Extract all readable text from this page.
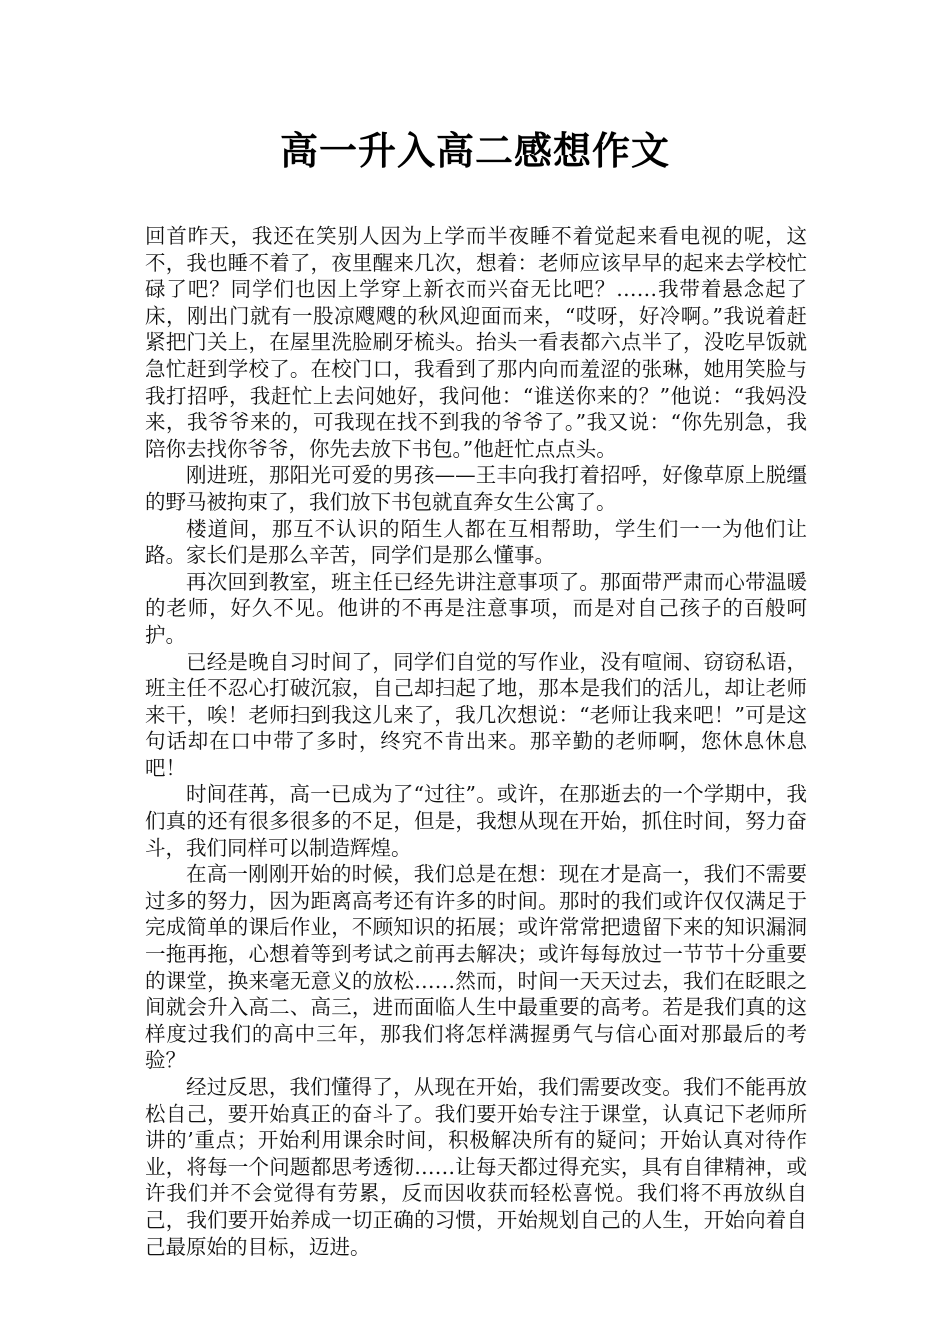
高一升入高二感想作文

回首昨天，我还在笑别人因为上学而半夜睡不着觉起来看电视的呢，这不，我也睡不着了，夜里醒来几次，想着：老师应该早早的起来去学校忙碌了吧？同学们也因上学穿上新衣而兴奋无比吧？……我带着悬念起了床，刚出门就有一股凉飕飕的秋风迎面而来，“哎呀，好冷啊。”我说着赶紧把门关上，在屋里洗脸刷牙梳头。抬头一看表都六点半了，没吃早饭就急忙赶到学校了。在校门口，我看到了那内向而羞涩的张琳，她用笑脸与我打招呼，我赶忙上去问她好，我问他：“谁送你来的？”他说：“我妈没来，我爷爷来的，可我现在找不到我的爷爷了。”我又说：“你先别急，我陪你去找你爷爷，你先去放下书包。”他赶忙点点头。

刚进班，那阳光可爱的男孩——王丰向我打着招呼，好像草原上脱缰的野马被拘束了，我们放下书包就直奔女生公寓了。

楼道间，那互不认识的陌生人都在互相帮助，学生们一一为他们让路。家长们是那么辛苦，同学们是那么懂事。

再次回到教室，班主任已经先讲注意事项了。那面带严肃而心带温暖的老师，好久不见。他讲的不再是注意事项，而是对自己孩子的百般呵护。

已经是晚自习时间了，同学们自觉的写作业，没有喧闹、窃窃私语，班主任不忍心打破沉寂，自己却扫起了地，那本是我们的活儿，却让老师来干，唉！老师扫到我这儿来了，我几次想说：“老师让我来吧！”可是这句话却在口中带了多时，终究不肯出来。那辛勤的老师啊，您休息休息吧！

时间荏苒，高一已成为了“过往”。或许，在那逝去的一个学期中，我们真的还有很多很多的不足，但是，我想从现在开始，抓住时间，努力奋斗，我们同样可以制造辉煌。

在高一刚刚开始的时候，我们总是在想：现在才是高一，我们不需要过多的努力，因为距离高考还有许多的时间。那时的我们或许仅仅满足于完成简单的课后作业，不顾知识的拓展；或许常常把遗留下来的知识漏洞一拖再拖，心想着等到考试之前再去解决；或许每每放过一节节十分重要的课堂，换来毫无意义的放松……然而，时间一天天过去，我们在眨眼之间就会升入高二、高三，进而面临人生中最重要的高考。若是我们真的这样度过我们的高中三年，那我们将怎样满握勇气与信心面对那最后的考验？

经过反思，我们懂得了，从现在开始，我们需要改变。我们不能再放松自己，要开始真正的奋斗了。我们要开始专注于课堂，认真记下老师所讲的’重点；开始利用课余时间，积极解决所有的疑问；开始认真对待作业，将每一个问题都思考透彻……让每天都过得充实，具有自律精神，或许我们并不会觉得有劳累，反而因收获而轻松喜悦。我们将不再放纵自己，我们要开始养成一切正确的习惯，开始规划自己的人生，开始向着自己最原始的目标，迈进。
